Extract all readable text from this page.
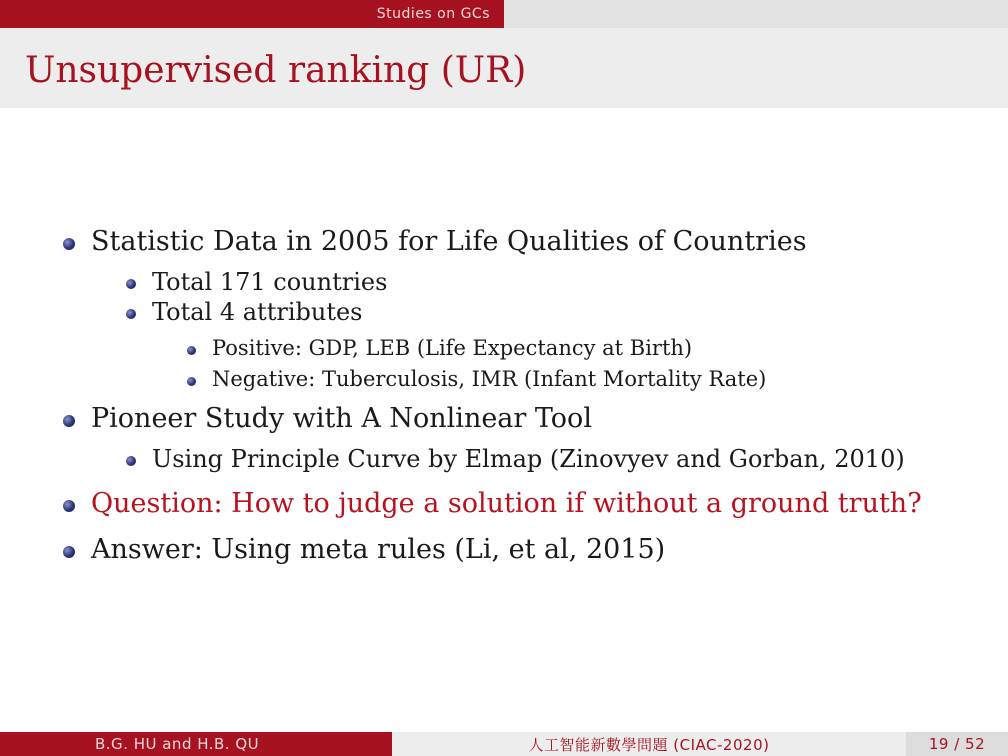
Studies on GCs
Unsupervised ranking (UR)
Statistic Data in 2005 for Life Qualities of Countries
Total 171 countries
Total 4 attributes
Positive: GDP, LEB (Life Expectancy at Birth)
Negative: Tuberculosis, IMR (Infant Mortality Rate)
Pioneer Study with A Nonlinear Tool
Using Principle Curve by Elmap (Zinovyev and Gorban, 2010)
Question: How to judge a solution if without a ground truth?
Answer: Using meta rules (Li, et al, 2015)
B.G. HU and H.B. QU	人工智能新數學問題 (CIAC-2020)	19 / 52
